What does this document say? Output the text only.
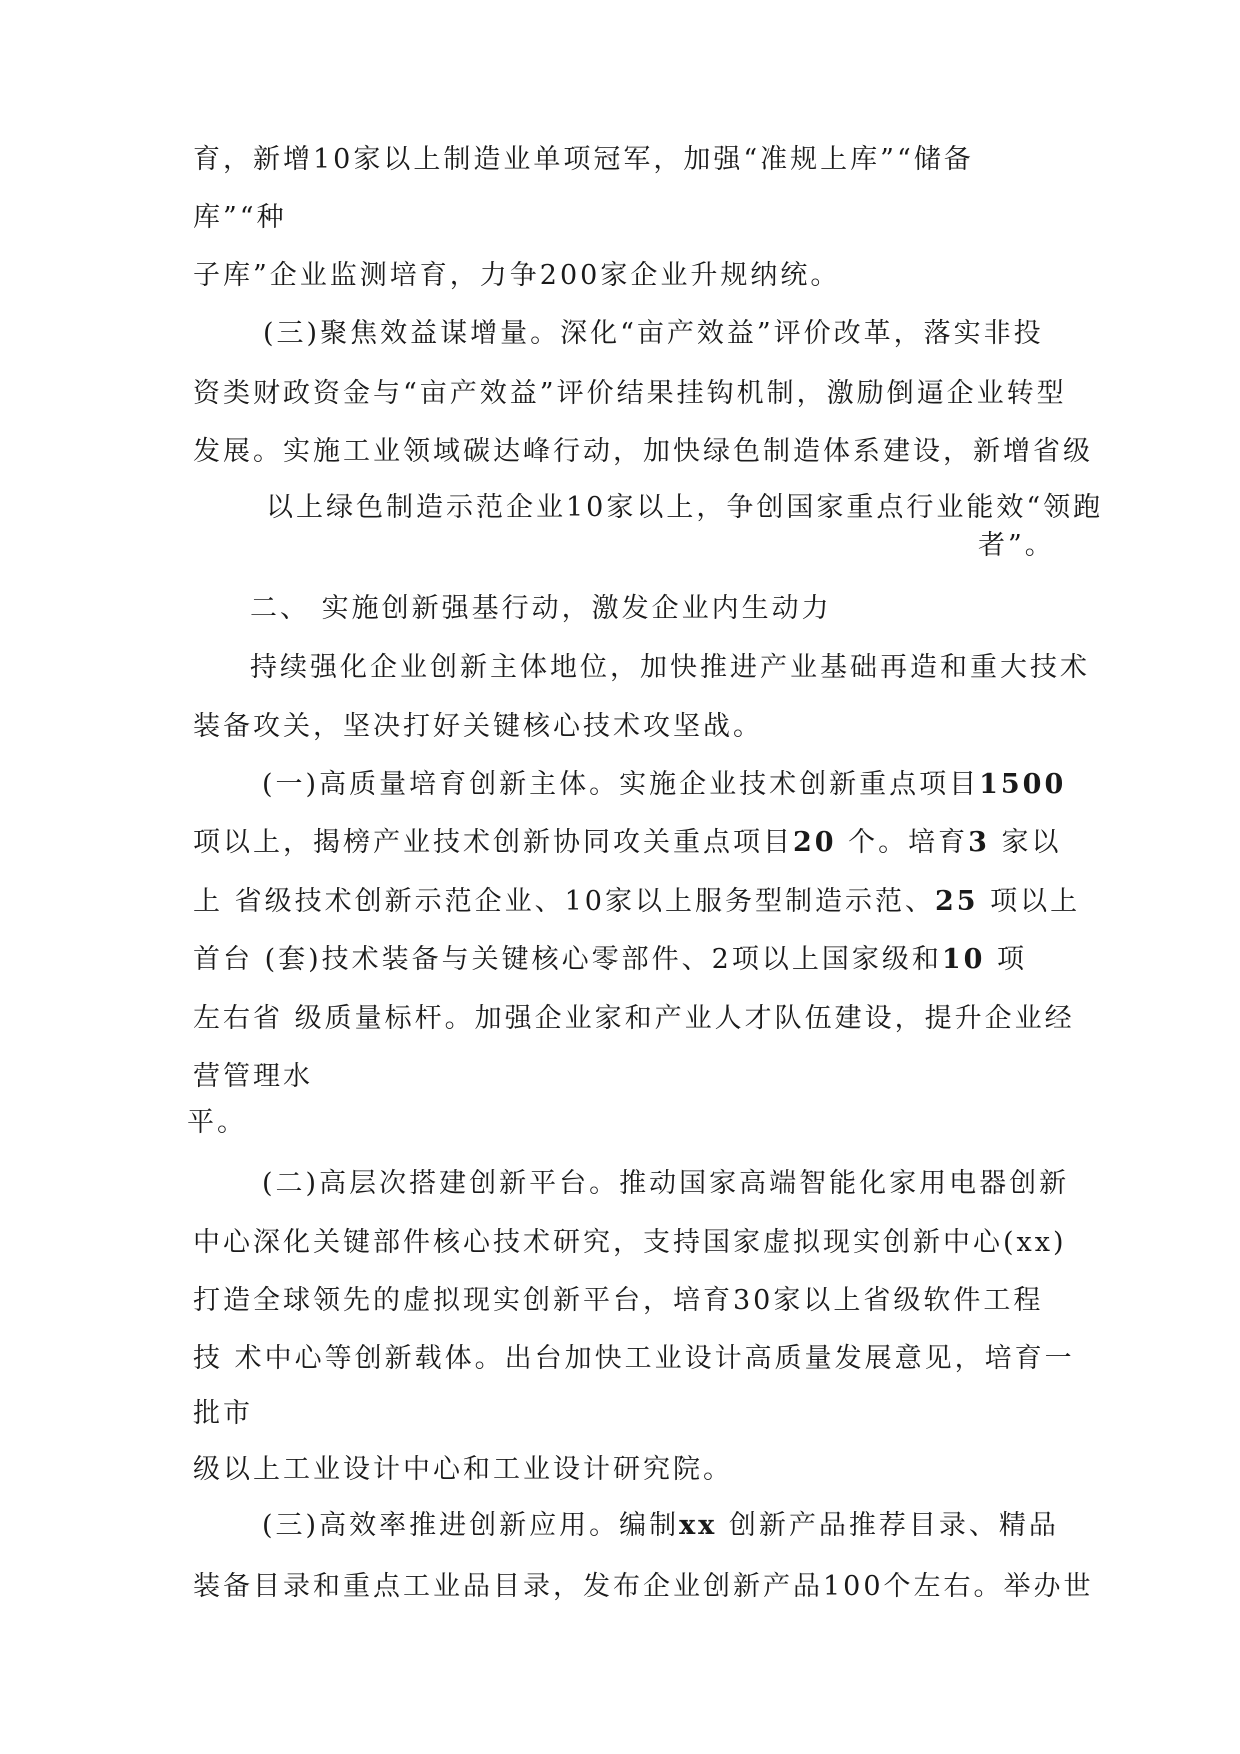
育，新增10家以上制造业单项冠军，加强“准规上库”“储备
库”“种
子库”企业监测培育，力争200家企业升规纳统。
(三)聚焦效益谋增量。深化“亩产效益”评价改革，落实非投
资类财政资金与“亩产效益”评价结果挂钩机制，激励倒逼企业转型
发展。实施工业领域碳达峰行动，加快绿色制造体系建设，新增省级
以上绿色制造示范企业10家以上，争创国家重点行业能效“领跑
者”。
二、 实施创新强基行动，激发企业内生动力
持续强化企业创新主体地位，加快推进产业基础再造和重大技术
装备攻关，坚决打好关键核心技术攻坚战。
(一)高质量培育创新主体。实施企业技术创新重点项目1500
项以上，揭榜产业技术创新协同攻关重点项目20 个。培育3 家以
上 省级技术创新示范企业、10家以上服务型制造示范、25 项以上
首台 (套)技术装备与关键核心零部件、2项以上国家级和10 项
左右省 级质量标杆。加强企业家和产业人才队伍建设，提升企业经
营管理水
平。
(二)高层次搭建创新平台。推动国家高端智能化家用电器创新
中心深化关键部件核心技术研究，支持国家虚拟现实创新中心(xx)
打造全球领先的虚拟现实创新平台，培育30家以上省级软件工程
技 术中心等创新载体。出台加快工业设计高质量发展意见，培育一
批市
级以上工业设计中心和工业设计研究院。
(三)高效率推进创新应用。编制xx 创新产品推荐目录、精品
装备目录和重点工业品目录，发布企业创新产品100个左右。举办世
